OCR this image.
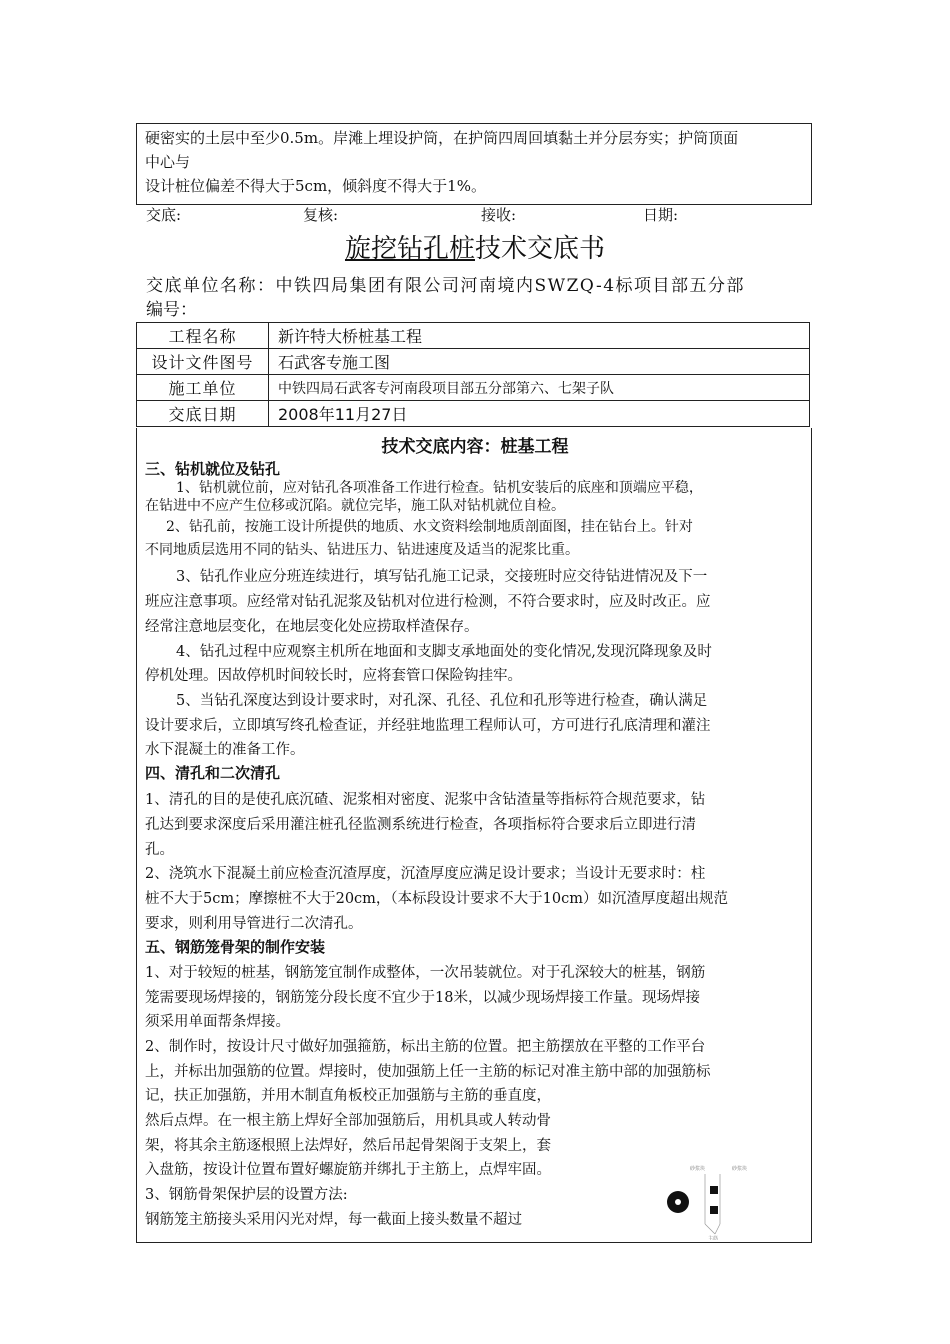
硬密实的土层中至少0.5m。岸滩上埋设护筒，在护筒四周回填黏土并分层夯实；护筒顶面
中心与
设计桩位偏差不得大于5cm，倾斜度不得大于1%。
交底:	复核:	接收:	日期:
旋挖钻孔桩技术交底书
交底单位名称：中铁四局集团有限公司河南境内SWZQ-4标项目部五分部
编号：
工程名称	新许特大桥桩基工程
设计文件图号	石武客专施工图
施工单位	中铁四局石武客专河南段项目部五分部第六、七架子队
交底日期	2008年11月27日
技术交底内容：桩基工程
三、钻机就位及钻孔
1、钻机就位前，应对钻孔各项准备工作进行检查。钻机安装后的底座和顶端应平稳，
在钻进中不应产生位移或沉陷。就位完毕，施工队对钻机就位自检。
2、钻孔前，按施工设计所提供的地质、水文资料绘制地质剖面图，挂在钻台上。针对
不同地质层选用不同的钻头、钻进压力、钻进速度及适当的泥浆比重。
3、钻孔作业应分班连续进行，填写钻孔施工记录，交接班时应交待钻进情况及下一
班应注意事项。应经常对钻孔泥浆及钻机对位进行检测，不符合要求时，应及时改正。应
经常注意地层变化，在地层变化处应捞取样渣保存。
4、钻孔过程中应观察主机所在地面和支脚支承地面处的变化情况,发现沉降现象及时
停机处理。因故停机时间较长时，应将套管口保险钩挂牢。
5、当钻孔深度达到设计要求时，对孔深、孔径、孔位和孔形等进行检查，确认满足
设计要求后，立即填写终孔检查证，并经驻地监理工程师认可，方可进行孔底清理和灌注
水下混凝土的准备工作。
四、清孔和二次清孔
1、清孔的目的是使孔底沉碴、泥浆相对密度、泥浆中含钻渣量等指标符合规范要求，钻
孔达到要求深度后采用灌注桩孔径监测系统进行检查，各项指标符合要求后立即进行清
孔。
2、浇筑水下混凝土前应检查沉渣厚度，沉渣厚度应满足设计要求；当设计无要求时：柱
桩不大于5cm；摩擦桩不大于20cm，（本标段设计要求不大于10cm）如沉渣厚度超出规范
要求，则利用导管进行二次清孔。
五、钢筋笼骨架的制作安装
1、对于较短的桩基，钢筋笼宜制作成整体，一次吊装就位。对于孔深较大的桩基，钢筋
笼需要现场焊接的，钢筋笼分段长度不宜少于18米，以减少现场焊接工作量。现场焊接
须采用单面帮条焊接。
2、制作时，按设计尺寸做好加强箍筋，标出主筋的位置。把主筋摆放在平整的工作平台
上，并标出加强筋的位置。焊接时，使加强筋上任一主筋的标记对准主筋中部的加强筋标
记，扶正加强筋，并用木制直角板校正加强筋与主筋的垂直度，
然后点焊。在一根主筋上焊好全部加强筋后，用机具或人转动骨
架，将其余主筋逐根照上法焊好，然后吊起骨架阁于支架上，套
入盘筋，按设计位置布置好螺旋筋并绑扎于主筋上，点焊牢固。
3、钢筋骨架保护层的设置方法:
钢筋笼主筋接头采用闪光对焊，每一截面上接头数量不超过
砂浆块	砂浆块
主筋
